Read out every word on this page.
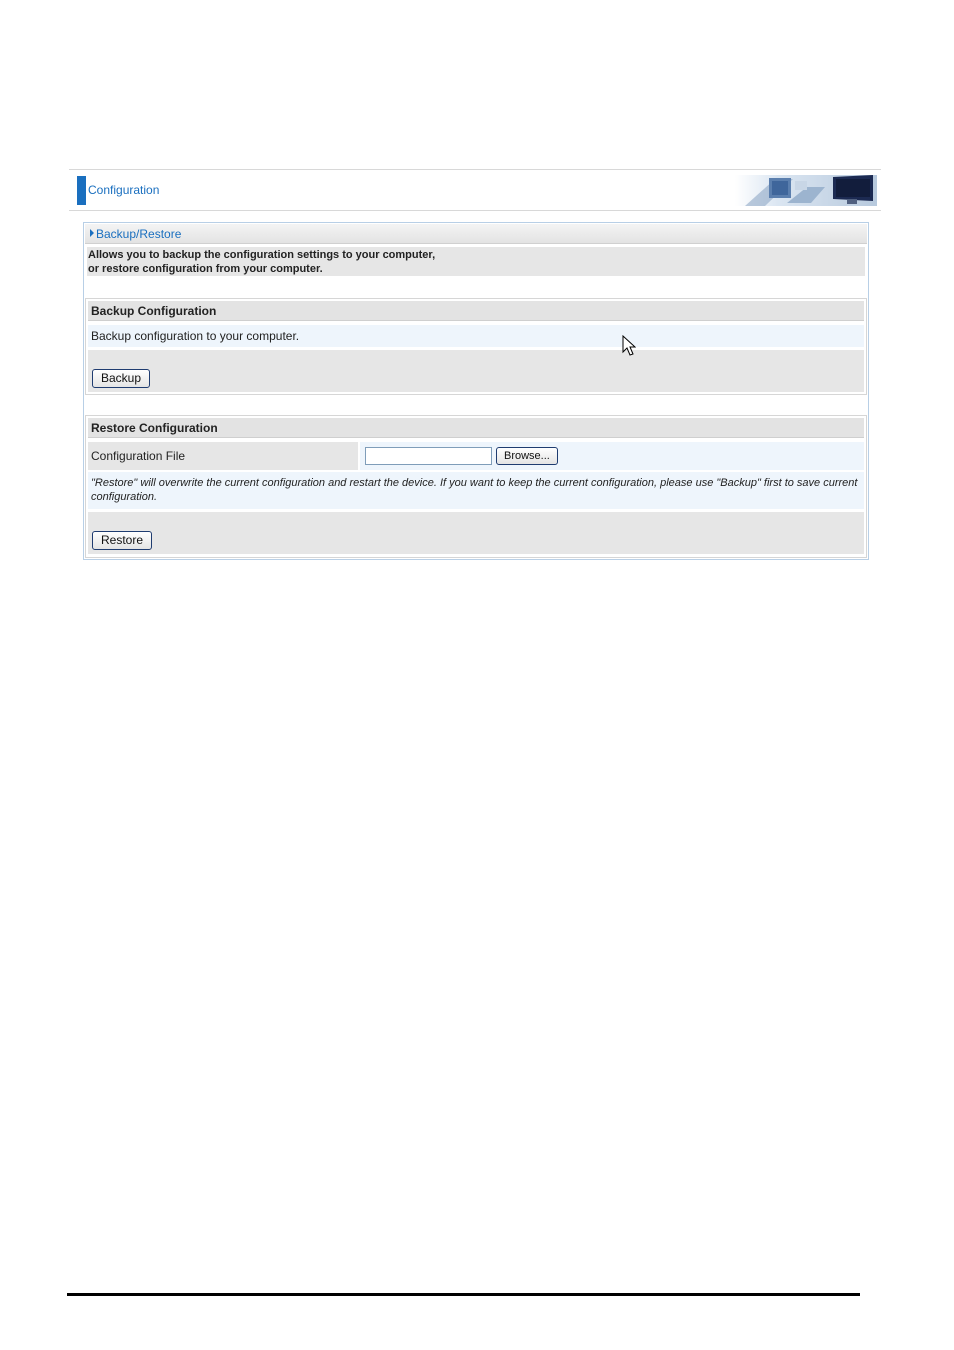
Configuration
Backup/Restore
Allows you to backup the configuration settings to your computer,
or restore configuration from your computer.
Backup Configuration
Backup configuration to your computer.
Backup
Restore Configuration
Configuration File	Browse...
"Restore" will overwrite the current configuration and restart the device. If you want to keep the current configuration, please use "Backup" first to save current configuration.
Restore
